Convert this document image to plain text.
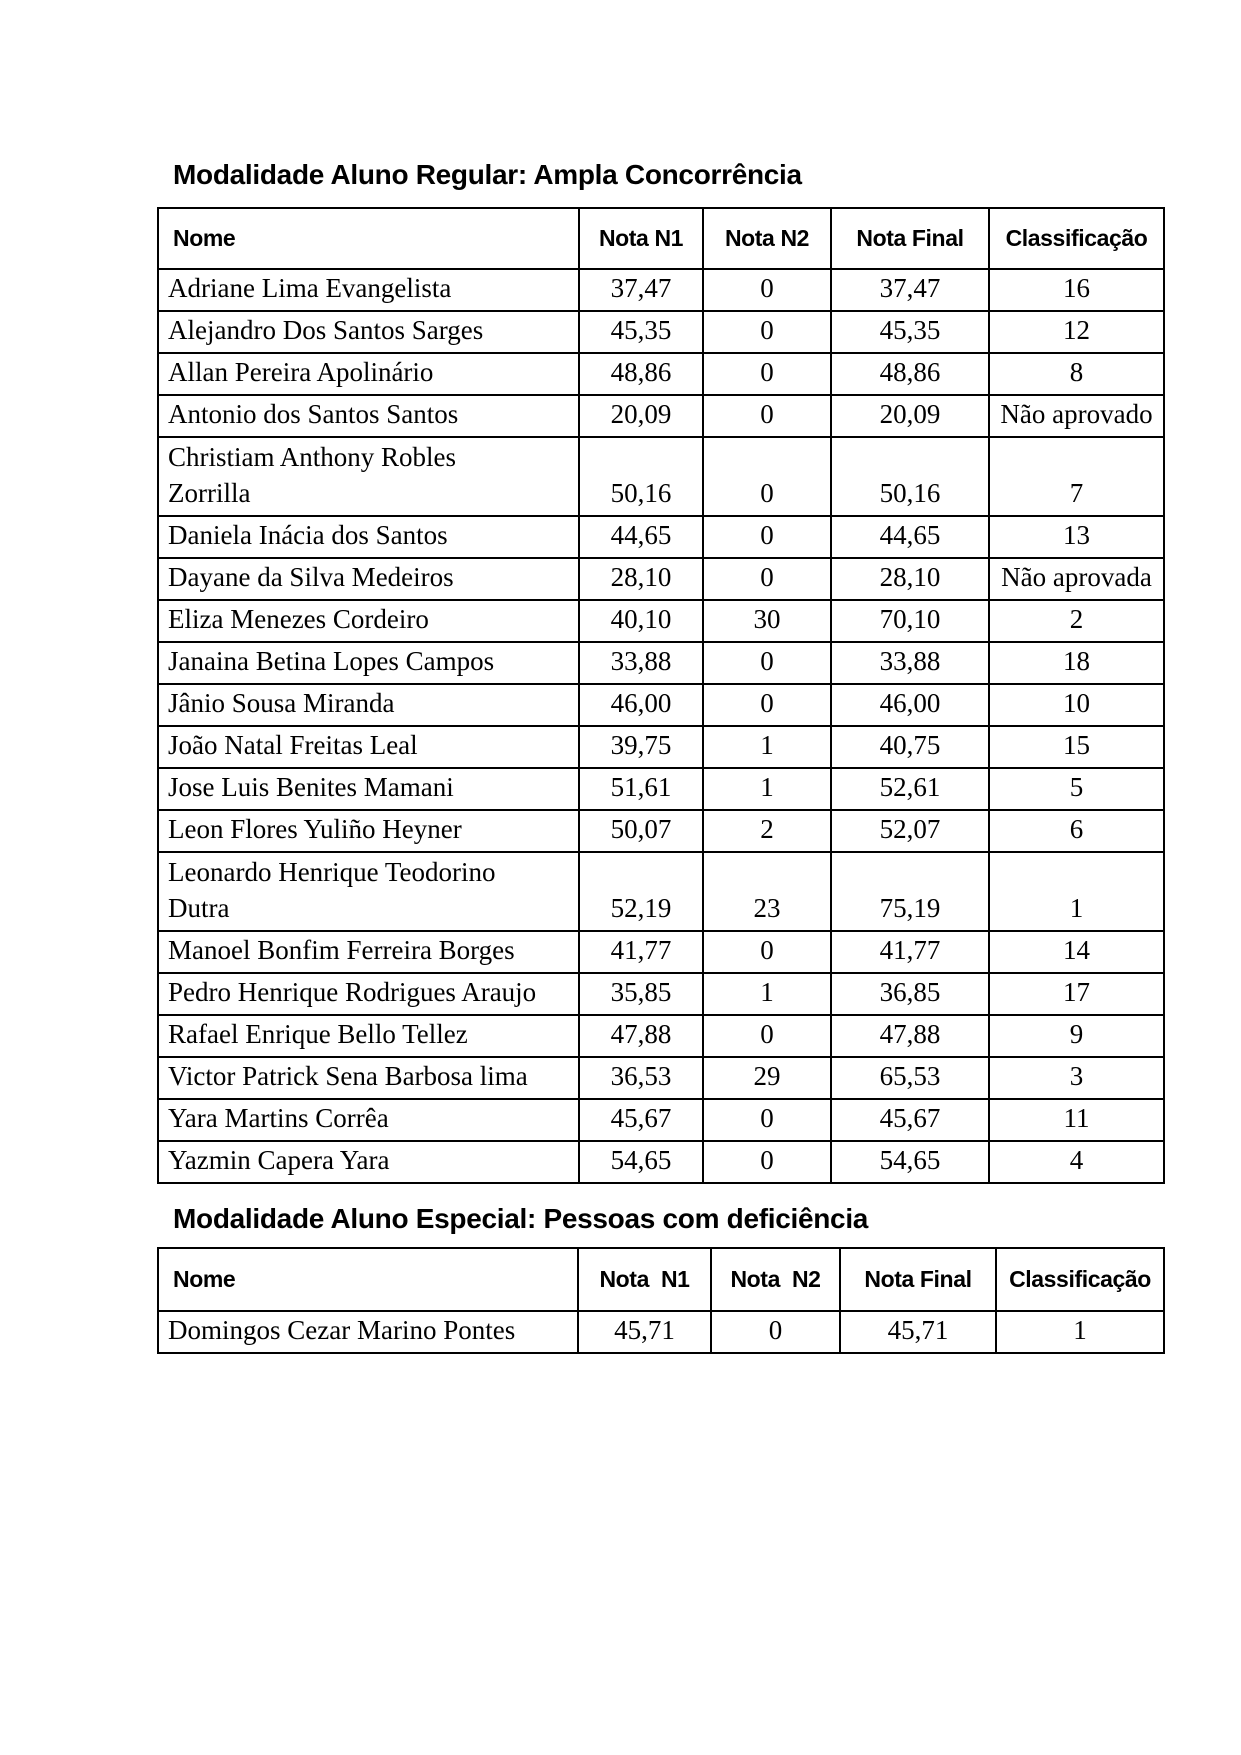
Modalidade Aluno Regular: Ampla Concorrência
Nome	Nota N1	Nota N2	Nota Final	Classificação

Adriane Lima Evangelista	37,47	0	37,47	16

Alejandro Dos Santos Sarges	45,35	0	45,35	12

Allan Pereira Apolinário	48,86	0	48,86	8

Antonio dos Santos Santos	20,09	0	20,09	Não aprovado

Christiam Anthony Robles Zorrilla	50,16	0	50,16	7

Daniela Inácia dos Santos	44,65	0	44,65	13

Dayane da Silva Medeiros	28,10	0	28,10	Não aprovada

Eliza Menezes Cordeiro	40,10	30	70,10	2

Janaina Betina Lopes Campos	33,88	0	33,88	18

Jânio Sousa Miranda	46,00	0	46,00	10

João Natal Freitas Leal	39,75	1	40,75	15

Jose Luis Benites Mamani	51,61	1	52,61	5

Leon Flores Yuliño Heyner	50,07	2	52,07	6

Leonardo Henrique Teodorino Dutra	52,19	23	75,19	1

Manoel Bonfim Ferreira Borges	41,77	0	41,77	14

Pedro Henrique Rodrigues Araujo	35,85	1	36,85	17

Rafael Enrique Bello Tellez	47,88	0	47,88	9

Victor Patrick Sena Barbosa lima	36,53	29	65,53	3

Yara Martins Corrêa	45,67	0	45,67	11

Yazmin Capera Yara	54,65	0	54,65	4
Modalidade Aluno Especial: Pessoas com deficiência
Nome	Nota  N1	Nota  N2	Nota Final	Classificação

Domingos Cezar Marino Pontes	45,71	0	45,71	1
